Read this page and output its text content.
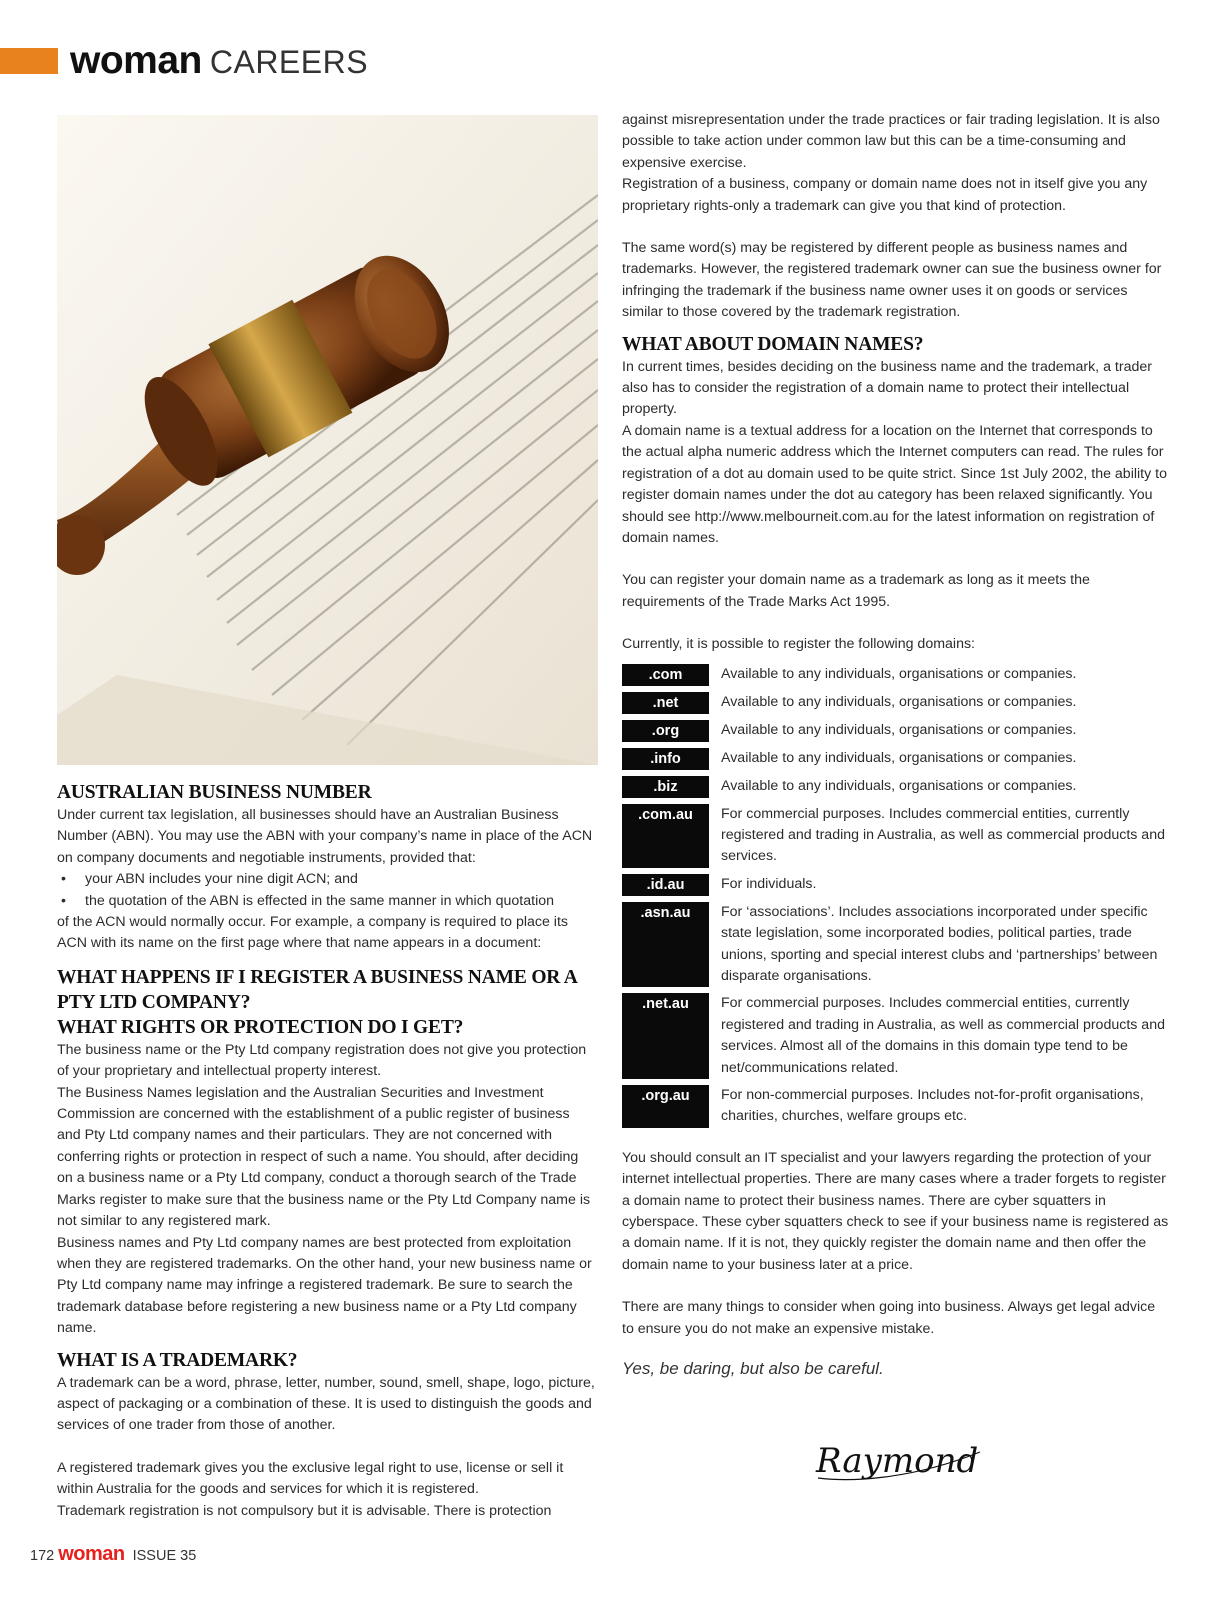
woman CAREERS
AUSTRALIAN BUSINESS NUMBER

Under current tax legislation, all businesses should have an Australian Business Number (ABN). You may use the ABN with your company’s name in place of the ACN on company documents and negotiable instruments, provided that:

• your ABN includes your nine digit ACN; and
• the quotation of the ABN is effected in the same manner in which quotation

of the ACN would normally occur. For example, a company is required to place its ACN with its name on the first page where that name appears in a document:

WHAT HAPPENS IF I REGISTER A BUSINESS NAME OR A PTY LTD COMPANY?
WHAT RIGHTS OR PROTECTION DO I GET?

The business name or the Pty Ltd company registration does not give you protection of your proprietary and intellectual property interest.

The Business Names legislation and the Australian Securities and Investment Commission are concerned with the establishment of a public register of business and Pty Ltd company names and their particulars. They are not concerned with conferring rights or protection in respect of such a name. You should, after deciding on a business name or a Pty Ltd company, conduct a thorough search of the Trade Marks register to make sure that the business name or the Pty Ltd Company name is not similar to any registered mark.

Business names and Pty Ltd company names are best protected from exploitation when they are registered trademarks. On the other hand, your new business name or Pty Ltd company name may infringe a registered trademark. Be sure to search the trademark database before registering a new business name or a Pty Ltd company name.

WHAT IS A TRADEMARK?

A trademark can be a word, phrase, letter, number, sound, smell, shape, logo, picture, aspect of packaging or a combination of these. It is used to distinguish the goods and services of one trader from those of another.

A registered trademark gives you the exclusive legal right to use, license or sell it within Australia for the goods and services for which it is registered.

Trademark registration is not compulsory but it is advisable. There is protection

against misrepresentation under the trade practices or fair trading legislation. It is also possible to take action under common law but this can be a time-consuming and expensive exercise.

Registration of a business, company or domain name does not in itself give you any proprietary rights-only a trademark can give you that kind of protection.

The same word(s) may be registered by different people as business names and trademarks. However, the registered trademark owner can sue the business owner for infringing the trademark if the business name owner uses it on goods or services similar to those covered by the trademark registration.

WHAT ABOUT DOMAIN NAMES?

In current times, besides deciding on the business name and the trademark, a trader also has to consider the registration of a domain name to protect their intellectual property.

A domain name is a textual address for a location on the Internet that corresponds to the actual alpha numeric address which the Internet computers can read. The rules for registration of a dot au domain used to be quite strict. Since 1st July 2002, the ability to register domain names under the dot au category has been relaxed significantly. You should see http://www.melbourneit.com.au for the latest information on registration of domain names.

You can register your domain name as a trademark as long as it meets the requirements of the Trade Marks Act 1995.

Currently, it is possible to register the following domains:

.com	Available to any individuals, organisations or companies.
.net	Available to any individuals, organisations or companies.
.org	Available to any individuals, organisations or companies.
.info	Available to any individuals, organisations or companies.
.biz	Available to any individuals, organisations or companies.
.com.au	For commercial purposes. Includes commercial entities, currently registered and trading in Australia, as well as commercial products and services.
.id.au	For individuals.
.asn.au	For ‘associations’. Includes associations incorporated under specific state legislation, some incorporated bodies, political parties, trade unions, sporting and special interest clubs and ‘partnerships’ between disparate organisations.
.net.au	For commercial purposes. Includes commercial entities, currently registered and trading in Australia, as well as commercial products and services. Almost all of the domains in this domain type tend to be net/communications related.
.org.au	For non-commercial purposes. Includes not-for-profit organisations, charities, churches, welfare groups etc.

You should consult an IT specialist and your lawyers regarding the protection of your internet intellectual properties. There are many cases where a trader forgets to register a domain name to protect their business names. There are cyber squatters in cyberspace. These cyber squatters check to see if your business name is registered as a domain name. If it is not, they quickly register the domain name and then offer the domain name to your business later at a price.

There are many things to consider when going into business. Always get legal advice to ensure you do not make an expensive mistake.

Yes, be daring, but also be careful.

Raymond
172 woman ISSUE 35
